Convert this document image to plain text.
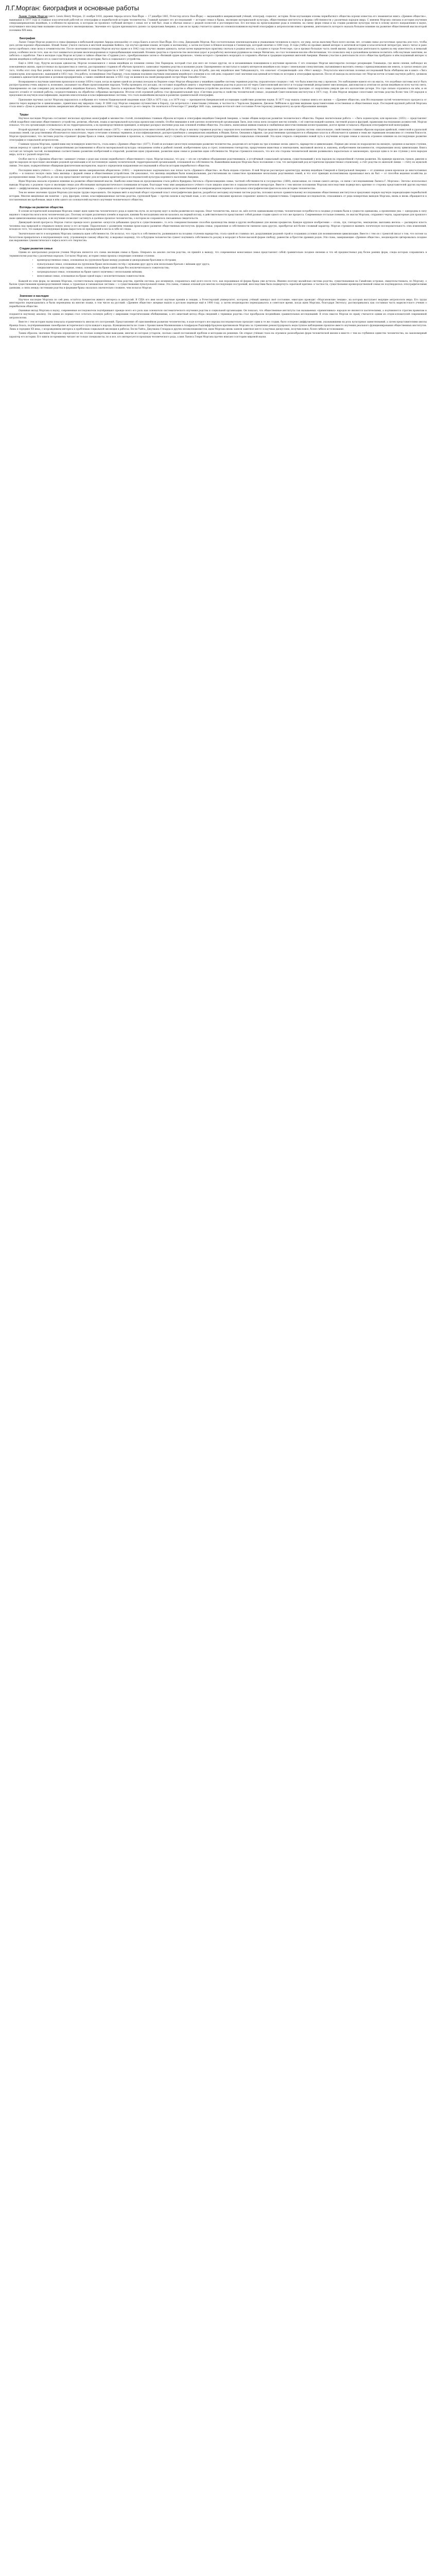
Л.Г.Морган: биография и основные работы

Льюис Генри Морган (англ. Lewis Henry Morgan; 21 ноября 1818, деревня Аврора штата Нью-Йорк — 17 декабря 1881, Рочестер штата Нью-Йорк) — выдающийся американский учёный, этнограф, социолог, историк. Всем изучающим основы первобытного общества хорошо известна его знаменитая книга «Древнее общество», вышедшая в 1877 году и ставшая классической работой по этнографии и первобытной истории человечества. Главный предмет его исследований — история семьи и брака, эволюция материальной культуры, общественные институты и формы собственности у различных народов мира. С именем Моргана связана и история изучения североамериканских индейцев, в особенности ирокезов, к которым он проявлял глубокий интерес с юных лет и чей быт, язык и обычаи описал с редкой полнотой и достоверностью. Его взгляды на происхождение рода и племени, на смену форм семьи и на стадии развития культуры легли в основу целого направления в науке, получившего впоследствии название классического эволюционизма. Значение его трудов признавалось далеко за пределами Америки, а сам он по праву считается одним из основоположников научной этнографии и антропологии нового времени, деятельность которого оказала большое влияние на развитие общественной мысли второй половины XIX века.

Биография

Льюис Генри Морган родился в семье фермера в небольшой деревне Аврора неподалёку от озера Каюга в штате Нью-Йорк. Его отец, Джедедайя Морган, был состоятельным землевладельцем и уважаемым человеком в округе; он умер, когда мальчику было всего восемь лет, оставив семье достаточные средства для того, чтобы дать детям хорошее образование. Юный Льюис учился сначала в местной академии Кейюга, где изучал древние языки, историю и математику, а затем поступил в Юнион-колледж в Скенектади, который окончил в 1840 году. В годы учёбы он проявил живой интерес к античной истории и классической литературе, много читал и рано начал пробовать свои силы в сочинительстве. После окончания колледжа Морган изучал право и в 1842 году получил звание адвоката, начав затем юридическую практику сначала в родных местах, а позднее в городе Рочестере, где и прожил большую часть своей жизни. Адвокатская деятельность принесла ему известность и немалый доход, особенно после того, как он стал заниматься делами железнодорожных и горнодобывающих компаний. Вложив средства в строительство железных дорог и разработку железных рудников на севере Мичигана, он стал человеком вполне обеспеченным, что позволило ему в дальнейшем целиком посвятить себя научным занятиям, не заботясь о заработке. Уже в молодые годы Морган вступил в тайное общество «Гордиев узел», преобразованное затем в «Великий орден ирокезов», члены которого стремились возродить и сохранить обычаи и традиции коренных жителей Америки. Именно участие в деятельности этого общества пробудило в нём подлинный интерес к жизни индейцев и побудило его к самостоятельному изучению их истории, быта и социального устройства.

Ещё в 1844 году, будучи молодым адвокатом, Морган познакомился с юным индейцем из племени сенека Эли Паркером, который стал для него не только другом, но и незаменимым помощником в изучении ирокезов. С его помощью Морган многократно посещал резервацию Тонаванда, где жили сенеки, наблюдал их повседневную жизнь, присутствовал на празднествах и советах, расспрашивал стариков об обычаях прошлого, записывал термины родства и названия родов. Одновременно он выступал в защиту интересов индейцев в их споре с земельными спекулянтами, пытавшимися выселить сенека с принадлежавших им земель, и сделал немало для того, чтобы этот спор был решён в пользу коренных жителей. В знак благодарности в 1847 году сенека официально приняли Моргана в племя, в род Ястреба, дав ему индейское имя Тайадавахкугх, что означает «Соединяющий» или «Мост между». Результаты многолетних полевых исследований были обобщены им в книге «Лига ходеносауни, или ирокезов», вышедшей в 1851 году. Эта работа, посвящённая Эли Паркеру, стала первым подлинно научным описанием индейского племени и по сей день сохраняет своё значение как ценный источник по истории и этнографии ирокезов. После её выхода на несколько лет Морган почти оставил научную работу, целиком отдавшись адвокатской практике и деловым предприятиям, а также семейной жизни: в 1851 году он женился на своей двоюродной сестре Мэри Элизабет Стил.

Возвращение к научным занятиям произошло в конце 1850-х годов, когда во время одной из деловых поездок на Верхнее озеро Морган обнаружил у индейцев оджибве систему терминов родства, поразительно сходную с той, что была известна ему у ирокезов. Это наблюдение навело его на мысль, что подобные системы могут быть распространены очень широко и, возможно, указывают на общее происхождение народов. Чтобы проверить эту догадку, он составил подробную анкету с перечнем терминов родства и разослал её через Смитсоновский институт и государственный департамент миссионерам, дипломатам и агентам по делам индейцев во всех частях света. Одновременно он сам совершил ряд экспедиций к индейцам Канзаса, Небраски, Дакоты и верховьев Миссури, собирая сведения о родстве и общественном устройстве десятков племён. В 1862 году в его семье произошла тяжёлая трагедия: от скарлатины умерли две его малолетние дочери. Это горе сильно отразилось на нём, и он надолго отошёл от полевой работы, сосредоточившись на обработке собранных материалов. Итогом этой огромной работы стал фундаментальный труд «Системы родства и свойства человеческой семьи», изданный Смитсоновским институтом в 1871 году. В нём Морган впервые сопоставил системы родства более чем 139 народов и предложил их научную классификацию, выделив описательные и классификационные системы, что стало важнейшим вкладом в развитие сравнительной этнографии.

Признание научных заслуг Моргана выразилось в избрании его членом Национальной академии наук США в 1875 году, а в 1879 году — президентом Американской ассоциации содействия развитию науки. В 1877 году вышла главная книга его жизни — «Древнее общество, или Исследование путей человеческого прогресса от дикости через варварство к цивилизации», принёсшая ему мировую славу. В 1880 году Морган совершил путешествие в Европу, где встречался с известными учёными, в частности с Чарльзом Дарвином, Джоном Леббоком и другими видными представителями естественных и общественных наук. Последней крупной работой Моргана стала книга «Дома и домашняя жизнь американских аборигенов», вышедшая в 1881 году, незадолго до его смерти. Он скончался в Рочестере 17 декабря 1881 года, завещав почти всё своё состояние Рочестерскому университету на цели образования женщин.

Труды

Научное наследие Моргана составляет несколько крупных монографий и множество статей, посвящённых главным образом истории и этнографии индейцев Северной Америки, а также общим вопросам развития человеческого общества. Первая значительная работа — «Лига ходеносауни, или ирокезов» (1851) — представляет собой подробное описание общественного устройства, религии, обычаев, языка и материальной культуры ирокезских племён. Особое внимание в ней уделено политической организации Лиги, или союза пяти (позднее шести) племён, с её советом вождей-сахемов, системой родов и фратрий, правилами наследования должностей. Морган показал, что эта организация основывалась не на территориальном, а на кровнородственном принципе, и впервые раскрыл значение рода как основной ячейки общества. Эта книга, написанная живым языком и снабжённая многочисленными иллюстрациями, долгое время оставалась образцом этнографической монографии.

Второй крупный труд — «Системы родства и свойства человеческой семьи» (1871) — явился результатом многолетней работы по сбору и анализу терминов родства у народов всех континентов. Морган выделил две основные группы систем: описательную, свойственную главным образом народам арийской, семитской и уральской языковых семей, где родственники обозначаются описательно, через сочетание основных терминов, и классификационную, распространённую у американских индейцев, в Индии, Китае, Океании и Африке, где родственники группируются в обширные классы и обозначаются одними и теми же терминами независимо от степени близости. Морган предположил, что системы родства отражают формы брака и семьи, существовавшие в прошлом, и, следовательно, могут служить источником для реконструкции древнейших социальных отношений. Эта идея открыла совершенно новый путь к изучению истории семьи и оказала огромное влияние на последующее развитие этнографии и социальной антропологии.

Главным трудом Моргана, принёсшим ему всемирную известность, стала книга «Древнее общество» (1877). В ней он изложил целостную концепцию развития человечества, разделив его историю на три основные эпохи: дикость, варварство и цивилизацию. Первые две эпохи он подразделил на низшую, среднюю и высшую ступени, связав переход от одной к другой с определёнными достижениями в области материальной культуры: овладением огнём и рыбной ловлей, изобретением лука и стрел, появлением гончарства, приручением животных и земледелием, выплавкой железа и, наконец, изобретением письменности, открывающим эпоху цивилизации. Книга состоит из четырёх частей, посвящённых соответственно развитию изобретений и открытий, развитию идеи управления, развитию идеи семьи и развитию идеи собственности. Морган стремился показать, что все эти стороны человеческой жизни развивались параллельно и закономерно, проходя одни и те же ступени у всех народов мира, хотя и с разной скоростью.

Особое место в «Древнем обществе» занимает учение о роде как основе первобытного общественного строя. Морган показал, что род — это не случайное объединение родственников, а устойчивый социальный организм, существовавший у всех народов на определённой ступени развития. На примере ирокезов, греков, римлян и других народов он проследил эволюцию родовой организации и её постепенную замену политической, территориальной организацией, основанной на собственности. Важнейшим выводом Моргана было положение о том, что материнский род исторически предшествовал отцовскому, а счёт родства по женской линии — счёту по мужской линии. Эти идеи, подкреплённые обширным фактическим материалом, надолго определили направление исследований в области истории первобытного общества.

Последняя книга учёного — «Дома и домашняя жизнь американских аборигенов» (1881) — первоначально задумывалась как пятая часть «Древнего общества», но была издана отдельно. В ней Морган рассмотрел архитектуру жилищ индейцев Северной и Центральной Америки — от длинных домов ирокезов до многоэтажных пуэбло — и показал тесную связь типа жилища с формой семьи и общественным устройством. Он доказывал, что жилища индейцев были коммунальными, рассчитанными на совместное проживание нескольких родственных семей, и что этот принцип коллективизма пронизывал весь их быт — от способов ведения хозяйства до распределения пищи. Эта работа до сих пор представляет интерес для историков архитектуры и исследователей культуры коренного населения Америки.

Идеи Моргана оказали огромное влияние на развитие общественной мысли. Наиболее известным их продолжением стала работа Фридриха Энгельса «Происхождение семьи, частной собственности и государства» (1884), написанная, по словам самого автора, «в связи с исследованиями Льюиса Г. Моргана». Энгельс использовал выводы Моргана о родовом строе и эволюции семьи для обоснования материалистического понимания истории, благодаря чему имя американского учёного стало широко известно в социалистической литературе. Вместе с тем многие положения Моргана впоследствии подверглись критике со стороны представителей других научных школ — диффузионизма, функционализма, культурного релятивизма, — упрекавших его в чрезмерной схематичности, в недооценке роли заимствований и в неправомерном переносе отдельных этнографических фактов на всю историю человечества.

Тем не менее значение трудов Моргана для науки трудно переоценить. Он первым ввёл в научный оборот огромный пласт этнографических фактов, разработал методику изучения систем родства, положил начало сравнительному исследованию общественных институтов и предложил первую научную периодизацию первобытной истории. Многие введённые им понятия — род, фратрия, племя, классификационная система родства, групповой брак — прочно вошли в научный язык, а его полевые описания ирокезов сохраняют ценность первоисточника. Современные исследователи, отказавшись от ряда конкретных выводов Моргана, вновь и вновь обращаются к поставленным им проблемам, видя в нём одного из основателей научного изучения человеческого общества.

Взгляды на развитие общества

В основе исторической концепции Моргана лежит идея единства человеческого рода и единства пути, по которому идут в своём развитии все народы. Опыт человечества, писал он, шёл почти одинаковыми путями; человеческие потребности в сходных условиях были в сущности одинаковы, а проявления ума — однородны в силу видового тождества мозга всех человеческих рас. Поэтому история различных племён и народов, какими бы несходными они ни казались на первый взгляд, в действительности представляет собой разные стадии одного и того же процесса. Современные отсталые племена, по мысли Моргана, сохраняют черты, характерные для прошлого ныне цивилизованных народов, и их изучение позволяет заглянуть в далёкое прошлое человечества, о котором не сохранилось письменных свидетельств.

Движущей силой прогресса Морган считал прежде всего развитие «искусств добывания средств к существованию», то есть совершенствование способов производства пищи и других необходимых для жизни предметов. Каждое крупное изобретение — огонь, лук, гончарство, земледелие, выплавка железа — расширяло власть человека над природой и открывало новую эпоху в его истории. Параллельно с развитием техники происходило развитие общественных институтов: формы семьи, управления и собственности сменяли одна другую, приобретая всё более сложный характер. Морган стремился выявить логическую последовательность этих изменений, исходя из того, что каждая последующая форма вырастала из предыдущей и несла в себе её следы.

Значительное место в воззрениях Моргана занимала идея собственности. Он полагал, что страсть к собственности, развившаяся на поздних ступенях варварства, стала одной из главных сил, разрушивших родовой строй и создавших условия для возникновения цивилизации. Вместе с тем он с тревогой писал о том, что погоня за богатством превратилась в неуправляемую силу, угрожающую самому обществу, и выражал надежду, что в будущем человечество сумеет подчинить собственность разуму и возродит в более высокой форме свободу, равенство и братство древних родов. Эти слова, завершающие «Древнее общество», неоднократно цитировались позднее как выражение гуманистического пафоса всего его творчества.

Стадии развития семьи

Одним из центральных разделов учения Моргана является его схема эволюции семьи и брака. Опираясь на анализ систем родства, он пришёл к выводу, что современная моногамная семья представляет собой сравнительно позднее явление и что ей предшествовал ряд более ранних форм, следы которых сохранились в терминологии родства у различных народов. Согласно Моргану, история семьи прошла следующие основные ступени:

• кровнородственная семья, основанная на групповом браке между родными и двоюродными братьями и сёстрами;
• пуналуальная семья, основанная на групповом браке нескольких сестёр с мужьями друг друга или нескольких братьев с жёнами друг друга;
• синдиасмическая, или парная, семья, основанная на браке одной пары без исключительного сожительства;
• патриархальная семья, основанная на браке одного мужчины с несколькими жёнами;
• моногамная семья, основанная на браке одной пары с исключительным сожительством.

Каждой из этих форм, по мнению Моргана, соответствовала определённая система родства, причём система, раз возникнув, сохранялась ещё долго после того, как породившая её форма брака уже исчезла. Именно поэтому малайская система родства, существовавшая на Гавайских островах, свидетельствовала, по Моргану, о былом существовании кровнородственной семьи, а туранская и ганованская системы — о существовании пуналуальной семьи. Эта схема, ставшая основой для многих последующих построений, впоследствии была подвергнута серьёзной критике: в частности, существование кровнородственной семьи не подтвердилось этнографическими данными, а связь между системами родства и формами брака оказалась значительно сложнее, чем полагал Морган.

Значение и наследие

Научное наследие Моргана по сей день остаётся предметом живого интереса и дискуссий. В США его имя носят научные премии и лекции, а Рочестерский университет, которому учёный завещал своё состояние, ежегодно проводит «Моргановские лекции», на которых выступают ведущие антропологи мира. Его труды многократно переиздавались и были переведены на многие языки, в том числе на русский: «Древнее общество» впервые вышло в русском переводе ещё в 1900 году, а затем неоднократно переиздавалось в советское время, когда идеи Моргана, благодаря Энгельсу, рассматривались как составная часть марксистского учения о первобытном обществе.

Оценивая вклад Моргана в науку, современные исследователи подчёркивают прежде всего его роль как основателя систематического изучения родства и социальной организации. Он показал, что общественные институты так называемых «примитивных» народов не являются хаотическими, а подчиняются строгим правилам и поддаются научному анализу. Он одним из первых стал сочетать полевую работу с широкими теоретическими обобщениями, а его анкетный метод сбора сведений о терминах родства стал прообразом позднейших сравнительных исследований. В этом смысле Морган по праву считается одним из отцов-основателей современной антропологии.

Вместе с тем история науки показала ограниченность многих его построений. Представление об однолинейном развитии человечества, в ходе которого все народы последовательно проходят одни и те же стадии, было оспорено диффузионистами, указывавшими на роль культурных заимствований, а затем представителями школы Франца Боаса, подчёркивавшими своеобразие исторического пути каждого народа. Функционалисты во главе с Брониславом Малиновским и Альфредом Рэдклифф-Брауном критиковали Моргана за стремление реконструировать недоступное наблюдению прошлое вместо изучения реального функционирования общественных институтов. Лишь в середине XX века, с возрождением интереса к проблемам социальной эволюции в работах Лесли Уайта, Джулиана Стюарда и других неоэволюционистов, идеи Моргана вновь заняли заметное место в научных дискуссиях, получив новое, более гибкое истолкование.

Таким образом, значение Моргана определяется не столько конкретными выводами, многие из которых устарели, сколько самой постановкой проблем и методами их решения. Он открыл учёным глаза на огромное разнообразие форм человеческой жизни и вместе с тем на глубинное единство человечества, на закономерный характер его истории. Его книги по-прежнему читают не только специалисты, но и все, кто интересуется прошлым человеческого рода, а имя Льюиса Генри Моргана прочно вписано в историю мировой науки.
